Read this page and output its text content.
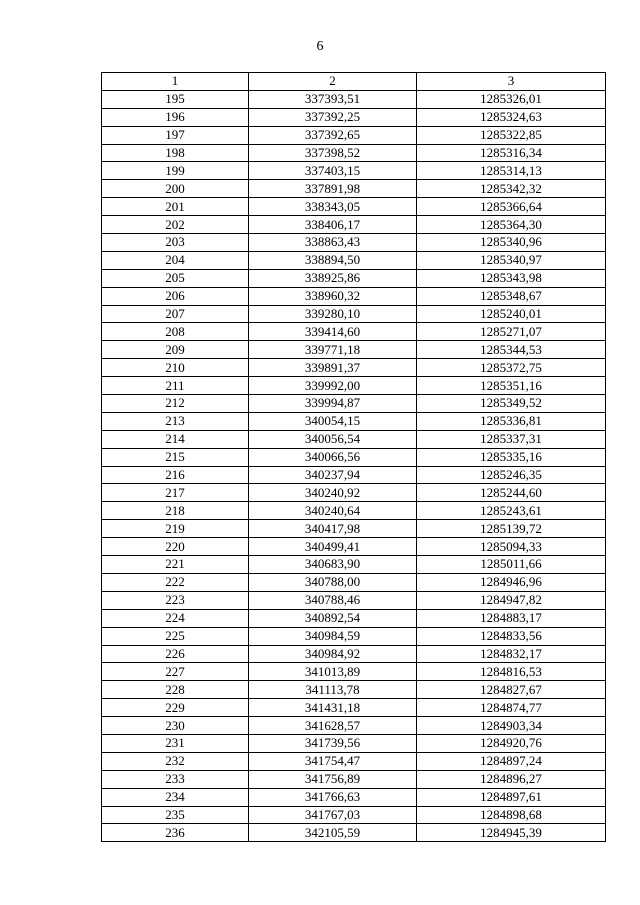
6
1	2	3
195	337393,51	1285326,01
196	337392,25	1285324,63
197	337392,65	1285322,85
198	337398,52	1285316,34
199	337403,15	1285314,13
200	337891,98	1285342,32
201	338343,05	1285366,64
202	338406,17	1285364,30
203	338863,43	1285340,96
204	338894,50	1285340,97
205	338925,86	1285343,98
206	338960,32	1285348,67
207	339280,10	1285240,01
208	339414,60	1285271,07
209	339771,18	1285344,53
210	339891,37	1285372,75
211	339992,00	1285351,16
212	339994,87	1285349,52
213	340054,15	1285336,81
214	340056,54	1285337,31
215	340066,56	1285335,16
216	340237,94	1285246,35
217	340240,92	1285244,60
218	340240,64	1285243,61
219	340417,98	1285139,72
220	340499,41	1285094,33
221	340683,90	1285011,66
222	340788,00	1284946,96
223	340788,46	1284947,82
224	340892,54	1284883,17
225	340984,59	1284833,56
226	340984,92	1284832,17
227	341013,89	1284816,53
228	341113,78	1284827,67
229	341431,18	1284874,77
230	341628,57	1284903,34
231	341739,56	1284920,76
232	341754,47	1284897,24
233	341756,89	1284896,27
234	341766,63	1284897,61
235	341767,03	1284898,68
236	342105,59	1284945,39
